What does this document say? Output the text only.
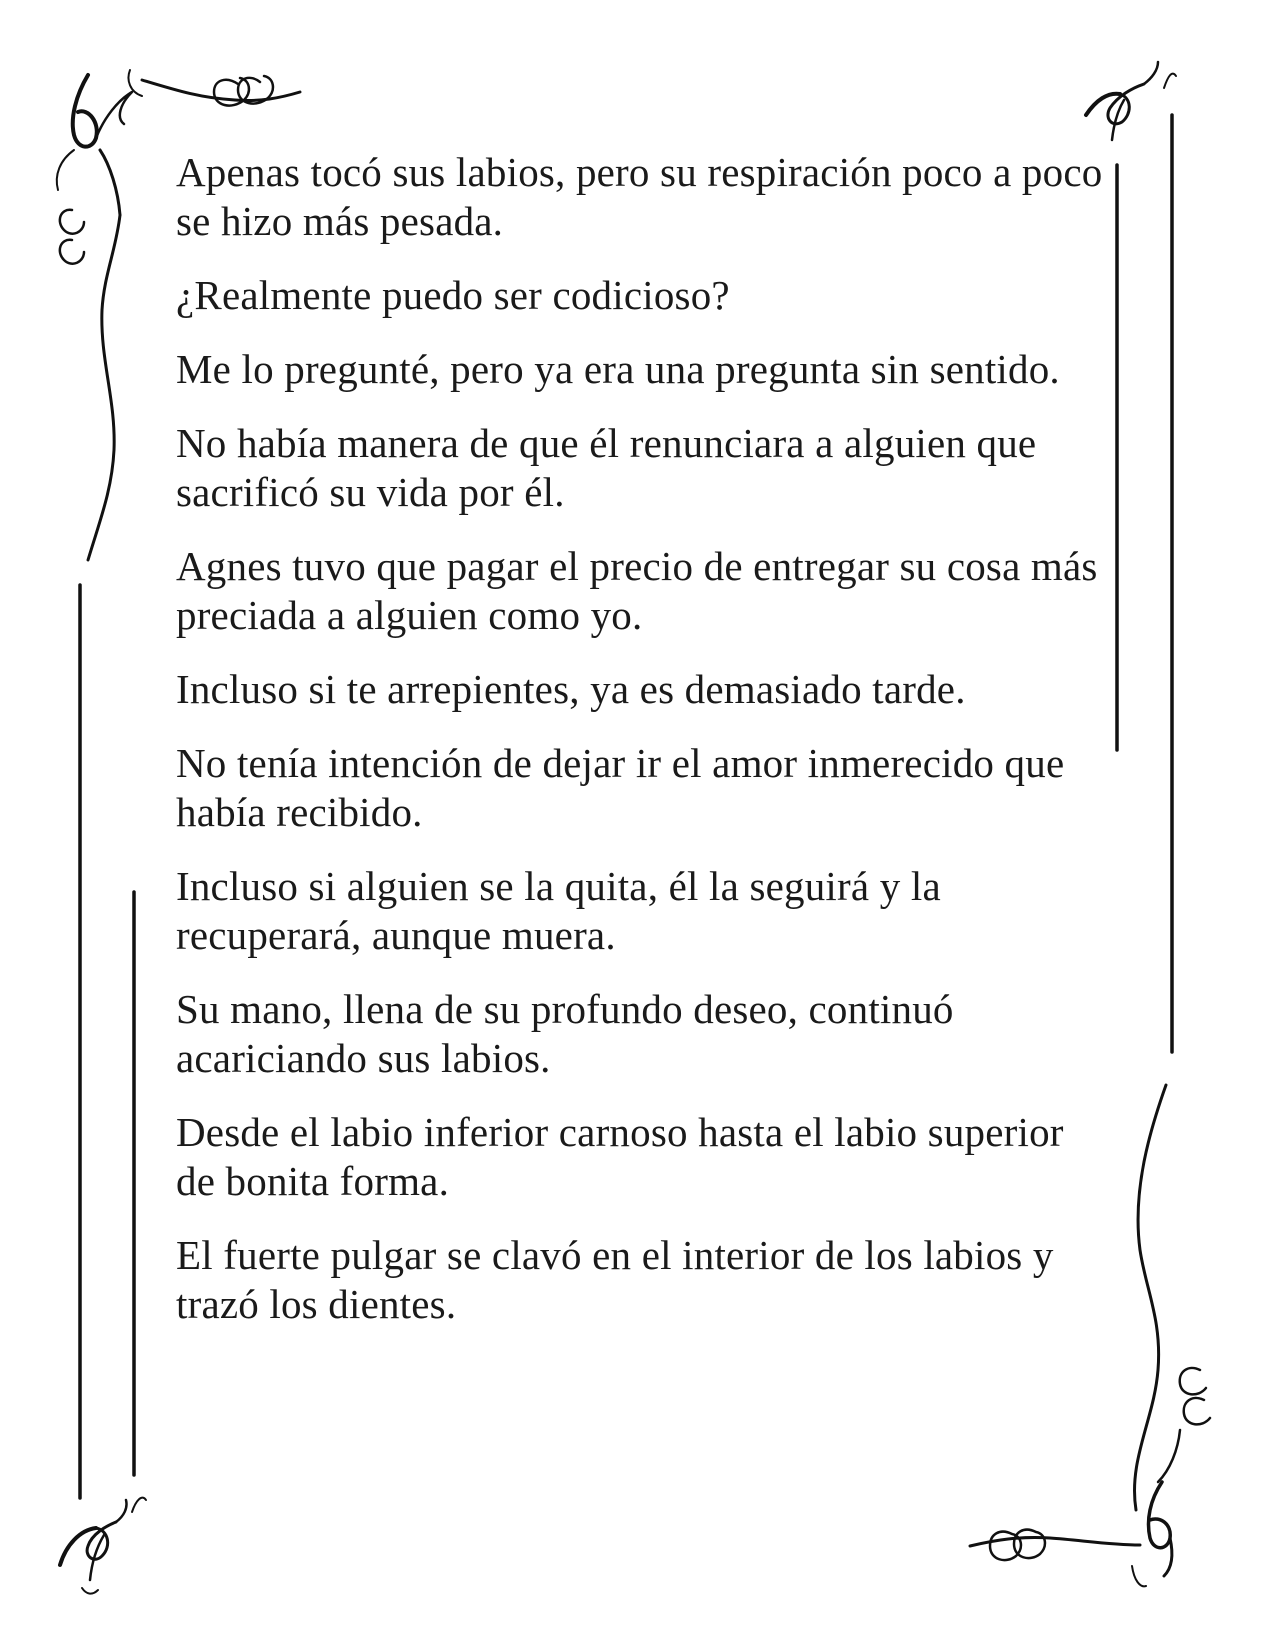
Apenas tocó sus labios, pero su respiración poco a poco se hizo más pesada.

¿Realmente puedo ser codicioso?

Me lo pregunté, pero ya era una pregunta sin sentido.

No había manera de que él renunciara a alguien que sacrificó su vida por él.

Agnes tuvo que pagar el precio de entregar su cosa más preciada a alguien como yo.

Incluso si te arrepientes, ya es demasiado tarde.

No tenía intención de dejar ir el amor inmerecido que había recibido.

Incluso si alguien se la quita, él la seguirá y la recuperará, aunque muera.

Su mano, llena de su profundo deseo, continuó acariciando sus labios.

Desde el labio inferior carnoso hasta el labio superior de bonita forma.

El fuerte pulgar se clavó en el interior de los labios y trazó los dientes.
